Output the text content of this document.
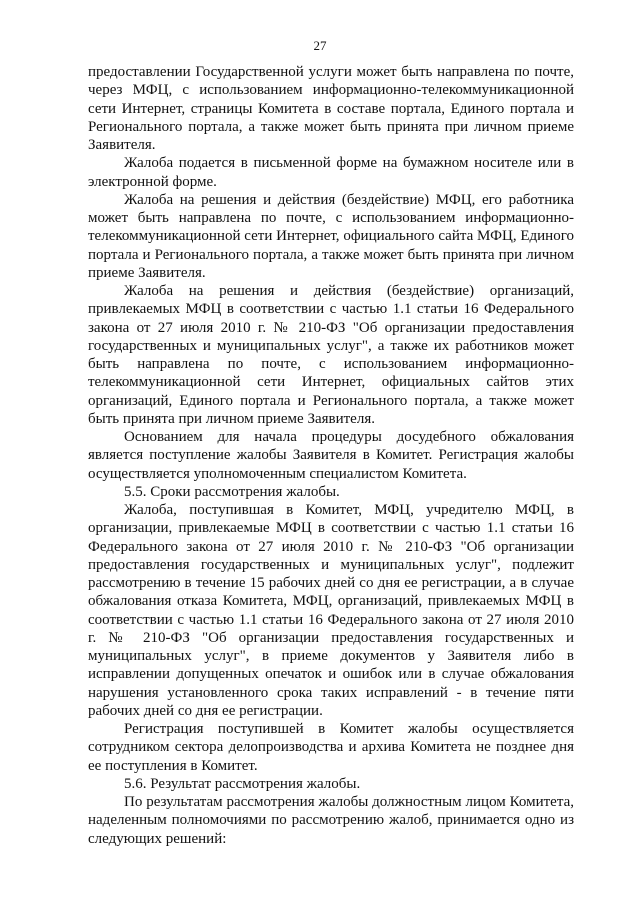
27

предоставлении Государственной услуги может быть направлена по почте, через МФЦ, с использованием информационно-телекоммуникационной сети Интернет, страницы Комитета в составе портала, Единого портала и Регионального портала, а также может быть принята при личном приеме Заявителя.

Жалоба подается в письменной форме на бумажном носителе или в электронной форме.

Жалоба на решения и действия (бездействие) МФЦ, его работника может быть направлена по почте, с использованием информационно-телекоммуникационной сети Интернет, официального сайта МФЦ, Единого портала и Регионального портала, а также может быть принята при личном приеме Заявителя.

Жалоба на решения и действия (бездействие) организаций, привлекаемых МФЦ в соответствии с частью 1.1 статьи 16 Федерального закона от 27 июля 2010 г. № 210-ФЗ "Об организации предоставления государственных и муниципальных услуг", а также их работников может быть направлена по почте, с использованием информационно-телекоммуникационной сети Интернет, официальных сайтов этих организаций, Единого портала и Регионального портала, а также может быть принята при личном приеме Заявителя.

Основанием для начала процедуры досудебного обжалования является поступление жалобы Заявителя в Комитет. Регистрация жалобы осуществляется уполномоченным специалистом Комитета.

5.5. Сроки рассмотрения жалобы.

Жалоба, поступившая в Комитет, МФЦ, учредителю МФЦ, в организации, привлекаемые МФЦ в соответствии с частью 1.1 статьи 16 Федерального закона от 27 июля 2010 г. № 210-ФЗ "Об организации предоставления государственных и муниципальных услуг", подлежит рассмотрению в течение 15 рабочих дней со дня ее регистрации, а в случае обжалования отказа Комитета, МФЦ, организаций, привлекаемых МФЦ в соответствии с частью 1.1 статьи 16 Федерального закона от 27 июля 2010 г. № 210-ФЗ "Об организации предоставления государственных и муниципальных услуг", в приеме документов у Заявителя либо в исправлении допущенных опечаток и ошибок или в случае обжалования нарушения установленного срока таких исправлений - в течение пяти рабочих дней со дня ее регистрации.

Регистрация поступившей в Комитет жалобы осуществляется сотрудником сектора делопроизводства и архива Комитета не позднее дня ее поступления в Комитет.

5.6. Результат рассмотрения жалобы.

По результатам рассмотрения жалобы должностным лицом Комитета, наделенным полномочиями по рассмотрению жалоб, принимается одно из следующих решений:
